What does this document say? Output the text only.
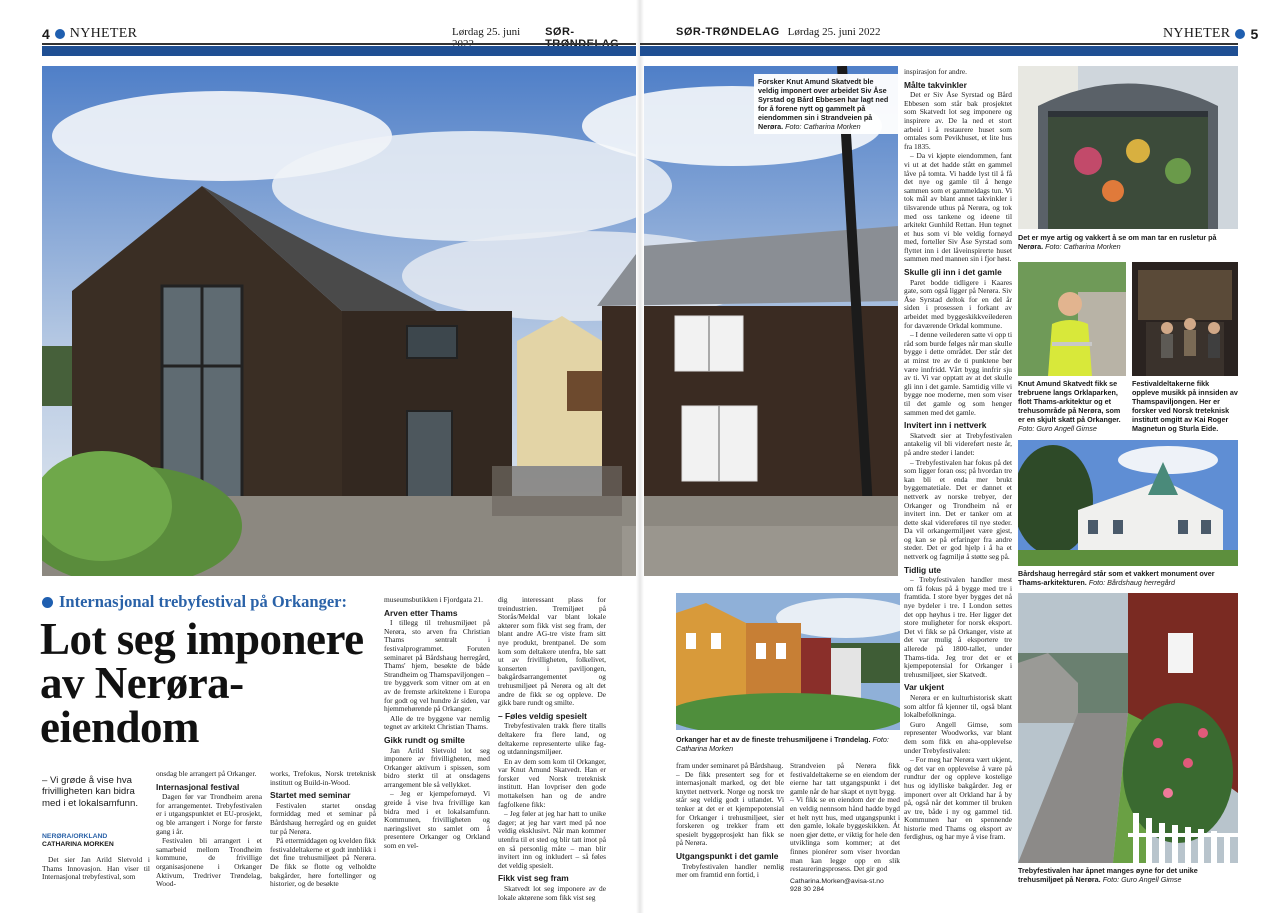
4 NYHETER	Lørdag 25. juni	SØR-
Internasjonal trebyfestival på Orkanger:
Lot seg imponere av Nerøra-eiendom
– Vi grøde å vise hva frivilligheten kan bidra med i et lokalsamfunn.
NERØRA/ORKLAND
CATHARINA MORKEN

Det sier Jan Arild Sletvold i Thams Innovasjon. Han viser til Internasjonal trebyfestival, som

onsdag ble arrangert på Orkanger.

Internasjonal festival

Dagen før var Trondheim arena for arrangementet. Trebyfestivalen er i utgangspunktet et EU-prosjekt, og ble arrangert i Norge for første gang i år.

Festivalen bli arrangert i et samarbeid mellom Trondheim kommune, de frivillige organisasjonene i Orkanger Aktivum, Tredriver Trøndelag, Wood-

works, Trefokus, Norsk treteknisk institutt og Build-in-Wood.

Startet med seminar

Festivalen startet onsdag formiddag med et seminar på Bårdshaug herregård og en guidet tur på Nerøra.

På ettermiddagen og kvelden fikk festivaldeltakerne et godt innblikk i det fine trehusmiljøet på Nerøra. De fikk se flotte og velholdte bakgårder, høre fortellinger og historier, og de besøkte

museumsbutikken i Fjordgata 21.

Arven etter Thams

I tillegg til trehusmiljøet på Nerøra, sto arven fra Christian Thams sentralt i festivalprogrammet. Foruten seminaret på Bårdshaug herregård, Thams' hjem, besøkte de både Strandheim og Thamspaviljongen – tre byggverk som vitner om at en av de fremste arkitektene i Europa for godt og vel hundre år siden, var hjemmehørende på Orkanger.

Alle de tre byggene var nemlig tegnet av arkitekt Christian Thams.

Gikk rundt og smilte

Jan Arild Sletvold lot seg imponere av frivilligheten, med Orkanger aktivum i spissen, som bidro sterkt til at onsdagens arrangement ble så vellykket.

– Jeg er kjempefornøyd. Vi greide å vise hva frivillige kan bidra med i et lokalsamfunn. Kommunen, frivilligheten og næringslivet sto samlet om å presentere Orkanger og Orkland som en vel-

dig interessant plass for treindustrien. Tremiljøet på Storås/Meldal var blant lokale aktører som fikk vist seg fram, der blant andre AG-tre viste fram sitt nye produkt, brentpanel. De som kom som deltakere utenfra, ble satt ut av frivilligheten, folkelivet, konserten i paviljongen, bakgårdsarrangementet og trehusmiljøet på Nerøra og alt det andre de fikk se og oppleve. De gikk bare rundt og smilte.

– Føles veldig spesielt

Trebyfestivalen trakk flere titalls deltakere fra flere land, og deltakerne representerte ulike fag- og utdanningsmiljøer.

En av dem som kom til Orkanger, var Knut Amund Skatvedt. Han er forsker ved Norsk treteknisk institutt. Han lovpriser den gode mottakelsen han og de andre fagfolkene fikk:

– Jeg føler at jeg har hatt to unike dager; at jeg har vært med på noe veldig eksklusivt. Når man kommer utenfra til et sted og blir tatt imot på en så personlig måte – man blir invitert inn og inkludert – så føles det veldig spesielt.

Fikk vist seg fram

Skatvedt lot seg imponere av de lokale aktørene som fikk vist seg

SØR-TRØNDELAG Lørdag 25. juni 2022	NYHETER 5
Forsker Knut Amund Skatvedt ble veldig imponert over arbeidet Siv Åse Syrstad og Bård Ebbesen har lagt ned for å forene nytt og gammelt på eiendommen sin i Strandveien på Nerøra. Foto: Catharina Morken
Orkanger har et av de fineste trehusmiljøene i Trøndelag. Foto: Catharina Morken

fram under seminaret på Bårdshaug.
– De fikk presentert seg for et internasjonalt marked, og det ble knyttet nettverk. Norge og norsk tre står seg veldig godt i utlandet. Vi tenker at det er et kjempepotensial for Orkanger i trehusmiljøet, sier forskeren og trekker fram ett spesielt byggeprosjekt han fikk se på Nerøra.

Utgangspunkt i det gamle

Trebyfestivalen handler nemlig mer om framtid enn fortid, i

Strandveien på Nerøra fikk festivaldeltakerne se en eiendom der eierne har tatt utgangspunkt i det gamle når de har skapt et nytt bygg.
– Vi fikk se en eiendom der de med en veldig nennsom hånd hadde bygd et helt nytt hus, med utgangspunkt i den gamle, lokale byggeskikken. Át noen gjør dette, er viktig for hele den utviklinga som kommer; at det finnes pionérer som viser hvordan man kan legge opp en slik restaureringsprosess. Det gir god

Catharina.Morken@avisa-st.no
928 30 284

inspirasjon for andre.

Målte takvinkler

Det er Siv Åse Syrstad og Bård Ebbesen som står bak prosjektet som Skatvedt lot seg imponere og inspirere av. De la ned et stort arbeid i å restaurere huset som omtales som Pevikhuset, et lite hus fra 1835.

– Da vi kjøpte eiendommen, fant vi ut at det hadde stått en gammel låve på tomta. Vi hadde lyst til å få det nye og gamle til å henge sammen som et gammeldags tun. Vi tok mål av blant annet takvinkler i tilsvarende uthus på Nerøra, og tok med oss tankene og ideene til arkitekt Gunhild Rettan. Hun tegnet et hus som vi ble veldig fornøyd med, forteller Siv Åse Syrstad som flyttet inn i det låveinspirerte huset sammen med mannen sin i fjor høst.

Skulle gli inn i det gamle

Paret bodde tidligere i Kaares gate, som også ligger på Nerøra. Siv Åse Syrstad deltok for en del år siden i prosessen i forkant av arbeidet med byggeskikkveilederen for daværende Orkdal kommune.

– I denne veilederen satte vi opp ti råd som burde følges når man skulle bygge i dette området. Der står det at minst tre av de ti punktene bør være innfridd. Vårt bygg innfrir sju av ti. Vi var opptatt av at det skulle gli inn i det gamle. Samtidig ville vi bygge noe moderne, men som viser til det gamle og som henger sammen med det gamle.

Invitert inn i nettverk

Skatvedt sier at Trebyfestivalen antakelig vil bli videreført neste år, på andre steder i landet:

– Trebyfestivalen har fokus på det som ligger foran oss; på hvordan tre kan bli et enda mer brukt byggematetiale. Det er dannet et nettverk av norske trebyer, der Orkanger og Trondheim nå er invitert inn. Det er tanker om at dette skal videreføres til nye steder. Da vil orkangermiljøet være gjest, og kan se på erfaringer fra andre steder. Det er god hjelp i å ha et nettverk og fagmiljø å støtte seg på.

Tidlig ute

– Trebyfestivalen handler mest om få fokus på å bygge med tre i framtida. I store byer bygges det nå nye bydeler i tre. I London settes det opp høyhus i tre. Her ligger det store muligheter for norsk eksport. Det vi fikk se på Orkanger, viste at det var mulig å eksportere tre allerede på 1800-tallet, under Thams-tida. Jeg tror det er et kjempepotensial for Orkanger i trehusmiljøet, sier Skatvedt.

Var ukjent

Nerøra er en kulturhistorisk skatt som altfor få kjenner til, også blant lokalbefolkninga.

Guro Angell Gimse, som representer Woodworks, var blant dem som fikk en aha-opplevelse under Trebyfestivalen:

– For meg har Nerøra vært ukjent, og det var en opplevelse å være på rundtur der og oppleve kostelige hus og idylliske bakgårder. Jeg er imponert over alt Orkland har å by på, også når det kommer til bruken av tre, både i ny og gammel tid. Kommunen har en spennende historie med Thams og eksport av ferdighus, og har mye å vise fram.

Det er mye artig og vakkert å se om man tar en rusletur på Nerøra. Foto: Catharina Morken
Knut Amund Skatvedt fikk se trebruene langs Orklaparken, flott Thams-arkitektur og et trehusområde på Nerøra, som er en skjult skatt på Orkanger. Foto: Guro Angell Gimse
Festivaldeltakerne fikk oppleve musikk på innsiden av Thamspaviljongen. Her er forsker ved Norsk treteknisk institutt omgitt av Kai Roger Magnetun og Sturla Eide.
Bårdshaug herregård står som et vakkert monument over Thams-arkitekturen. Foto: Bårdshaug herregård
Trebyfestivalen har åpnet manges øyne for det unike trehusmiljøet på Nerøra. Foto: Guro Angell Gimse
